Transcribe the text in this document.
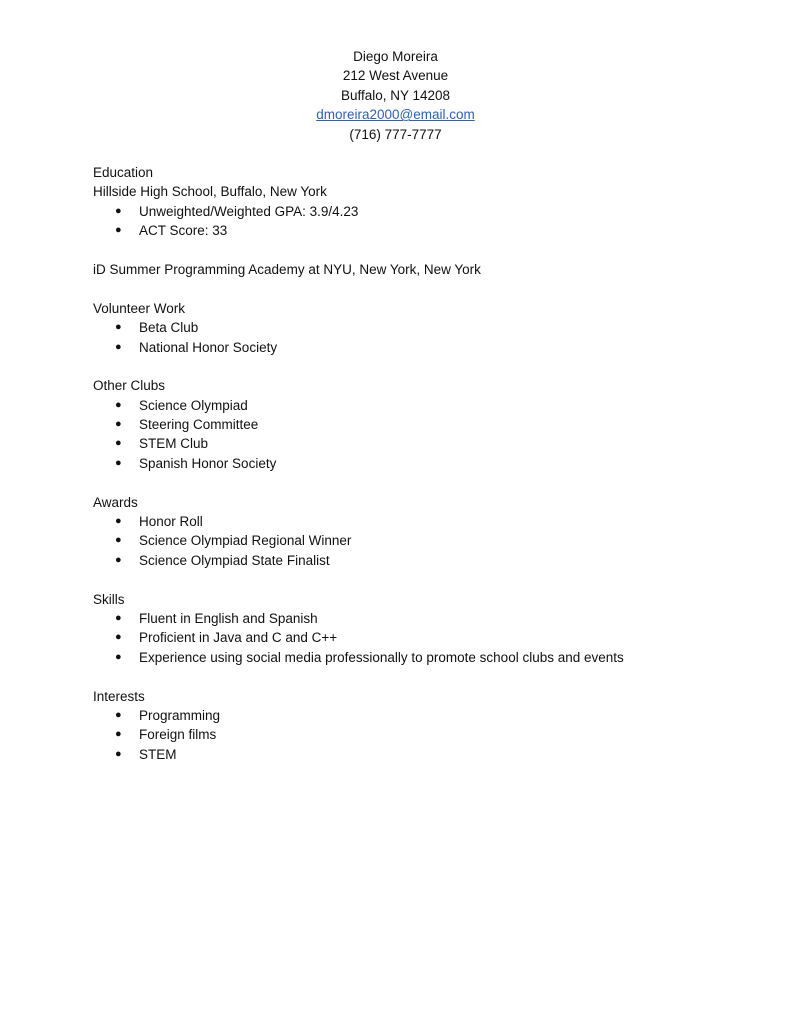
Diego Moreira
212 West Avenue
Buffalo, NY 14208
dmoreira2000@email.com
(716) 777-7777
Education
Hillside High School, Buffalo, New York
● Unweighted/Weighted GPA: 3.9/4.23
● ACT Score: 33
iD Summer Programming Academy at NYU, New York, New York
Volunteer Work
● Beta Club
● National Honor Society
Other Clubs
● Science Olympiad
● Steering Committee
● STEM Club
● Spanish Honor Society
Awards
● Honor Roll
● Science Olympiad Regional Winner
● Science Olympiad State Finalist
Skills
● Fluent in English and Spanish
● Proficient in Java and C and C++
● Experience using social media professionally to promote school clubs and events
Interests
● Programming
● Foreign films
● STEM
